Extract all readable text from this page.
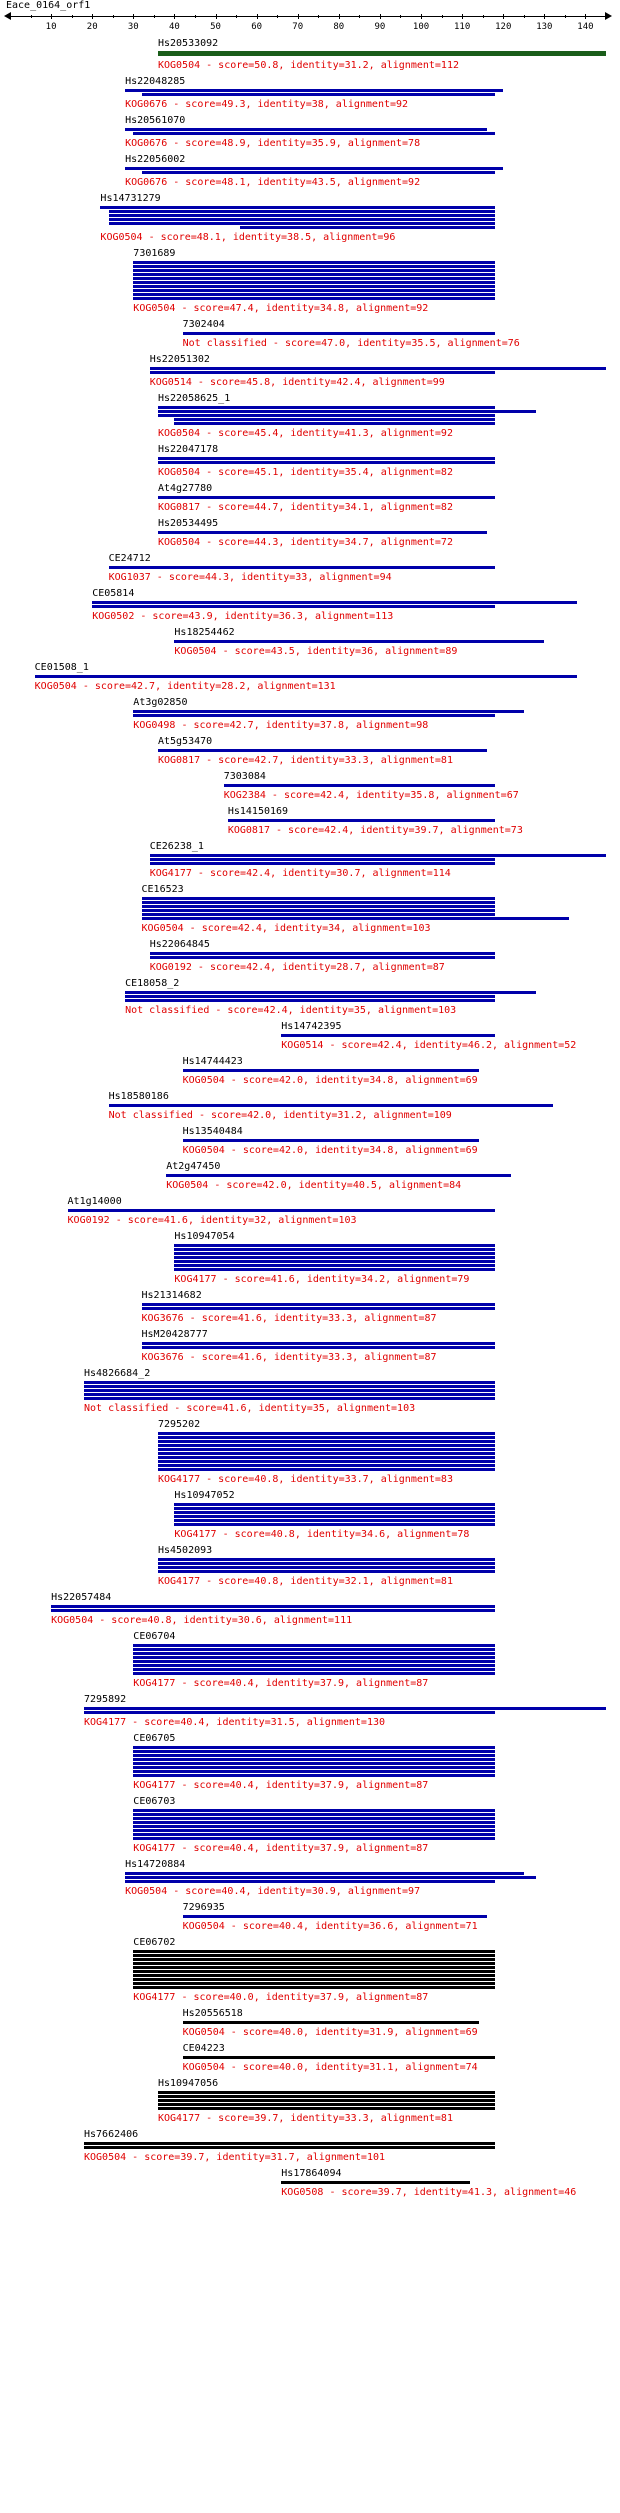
Eace_0164_orf1
10	20	30	40	50	60	70	80	90	100	110	120	130	140
Hs20533092
KOG0504 - score=50.8, identity=31.2, alignment=112
Hs22048285
KOG0676 - score=49.3, identity=38, alignment=92
Hs20561070
KOG0676 - score=48.9, identity=35.9, alignment=78
Hs22056002
KOG0676 - score=48.1, identity=43.5, alignment=92
Hs14731279
KOG0504 - score=48.1, identity=38.5, alignment=96
7301689
KOG0504 - score=47.4, identity=34.8, alignment=92
7302404
Not classified - score=47.0, identity=35.5, alignment=76
Hs22051302
KOG0514 - score=45.8, identity=42.4, alignment=99
Hs22058625_1
KOG0504 - score=45.4, identity=41.3, alignment=92
Hs22047178
KOG0504 - score=45.1, identity=35.4, alignment=82
At4g27780
KOG0817 - score=44.7, identity=34.1, alignment=82
Hs20534495
KOG0504 - score=44.3, identity=34.7, alignment=72
CE24712
KOG1037 - score=44.3, identity=33, alignment=94
CE05814
KOG0502 - score=43.9, identity=36.3, alignment=113
Hs18254462
KOG0504 - score=43.5, identity=36, alignment=89
CE01508_1
KOG0504 - score=42.7, identity=28.2, alignment=131
At3g02850
KOG0498 - score=42.7, identity=37.8, alignment=98
At5g53470
KOG0817 - score=42.7, identity=33.3, alignment=81
7303084
KOG2384 - score=42.4, identity=35.8, alignment=67
Hs14150169
KOG0817 - score=42.4, identity=39.7, alignment=73
CE26238_1
KOG4177 - score=42.4, identity=30.7, alignment=114
CE16523
KOG0504 - score=42.4, identity=34, alignment=103
Hs22064845
KOG0192 - score=42.4, identity=28.7, alignment=87
CE18058_2
Not classified - score=42.4, identity=35, alignment=103
Hs14742395
KOG0514 - score=42.4, identity=46.2, alignment=52
Hs14744423
KOG0504 - score=42.0, identity=34.8, alignment=69
Hs18580186
Not classified - score=42.0, identity=31.2, alignment=109
Hs13540484
KOG0504 - score=42.0, identity=34.8, alignment=69
At2g47450
KOG0504 - score=42.0, identity=40.5, alignment=84
At1g14000
KOG0192 - score=41.6, identity=32, alignment=103
Hs10947054
KOG4177 - score=41.6, identity=34.2, alignment=79
Hs21314682
KOG3676 - score=41.6, identity=33.3, alignment=87
HsM20428777
KOG3676 - score=41.6, identity=33.3, alignment=87
Hs4826684_2
Not classified - score=41.6, identity=35, alignment=103
7295202
KOG4177 - score=40.8, identity=33.7, alignment=83
Hs10947052
KOG4177 - score=40.8, identity=34.6, alignment=78
Hs4502093
KOG4177 - score=40.8, identity=32.1, alignment=81
Hs22057484
KOG0504 - score=40.8, identity=30.6, alignment=111
CE06704
KOG4177 - score=40.4, identity=37.9, alignment=87
7295892
KOG4177 - score=40.4, identity=31.5, alignment=130
CE06705
KOG4177 - score=40.4, identity=37.9, alignment=87
CE06703
KOG4177 - score=40.4, identity=37.9, alignment=87
Hs14720884
KOG0504 - score=40.4, identity=30.9, alignment=97
7296935
KOG0504 - score=40.4, identity=36.6, alignment=71
CE06702
KOG4177 - score=40.0, identity=37.9, alignment=87
Hs20556518
KOG0504 - score=40.0, identity=31.9, alignment=69
CE04223
KOG0504 - score=40.0, identity=31.1, alignment=74
Hs10947056
KOG4177 - score=39.7, identity=33.3, alignment=81
Hs7662406
KOG0504 - score=39.7, identity=31.7, alignment=101
Hs17864094
KOG0508 - score=39.7, identity=41.3, alignment=46
